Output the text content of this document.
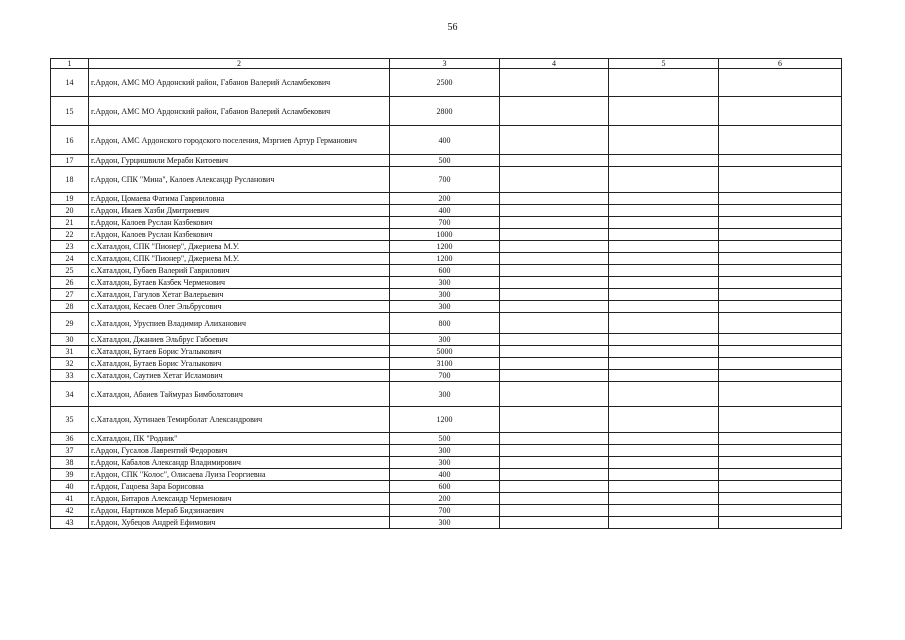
56
1	2	3	4	5	6
14	г.Ардон, АМС МО Ардонский район, Габанов Валерий Асламбекович	2500			
15	г.Ардон, АМС МО Ардонский район, Габанов Валерий Асламбекович	2800			
16	г.Ардон, АМС Ардонского городского поселения, Мзргиев Артур Германович	400			
17	г.Ардон, Гурцишвили Мераби Китоевич	500			
18	г.Ардон, СПК "Мина", Калоев Александр Русланович	700			
19	г.Ардон, Цомаева Фатима Гаврииловна	200			
20	г.Ардон, Икаев Хазби Дмитриевич	400			
21	г.Ардон, Калоев Руслан Казбекович	700			
22	г.Ардон, Калоев Руслан Казбекович	1000			
23	с.Хаталдон, СПК "Пионер", Джериева М.У.	1200			
24	с.Хаталдон, СПК "Пионер", Джериева М.У.	1200			
25	с.Хаталдон, Губаев Валерий Гаврилович	600			
26	с.Хаталдон, Бутаев Казбек Черменович	300			
27	с.Хаталдон, Гагулов Хетаг Валерьевич	300			
28	с.Хаталдон, Кесаев Олег Эльбрусович	300			
29	с.Хаталдон, Уруспиев Владимир Алиханович	800			
30	с.Хаталдон, Джаниев Эльбрус Габоевич	300			
31	с.Хаталдон, Бутаев Борис Угалыкович	5000			
32	с.Хаталдон, Бутаев Борис Угалыкович	3100			
33	с.Хаталдон, Саутиев Хетаг Исламович	700			
34	с.Хаталдон, Абаиев Таймураз Бимболатович	300			
35	с.Хаталдон, Хутинаев Темирболат Александрович	1200			
36	с.Хаталдон, ПК "Родник"	500			
37	г.Ардон, Гусалов Лаврентий Федорович	300			
38	г.Ардон, Кабалов Александр Владимирович	300			
39	г.Ардон, СПК "Колос", Олисаева Луиза Георгиевна	400			
40	г.Ардон, Гацоева Зара Борисовна	600			
41	г.Ардон, Битаров Александр Черменович	200			
42	г.Ардон, Нартиков Мераб Бидзинаевич	700			
43	г.Ардон, Хубецов Андрей Ефимович	300			
